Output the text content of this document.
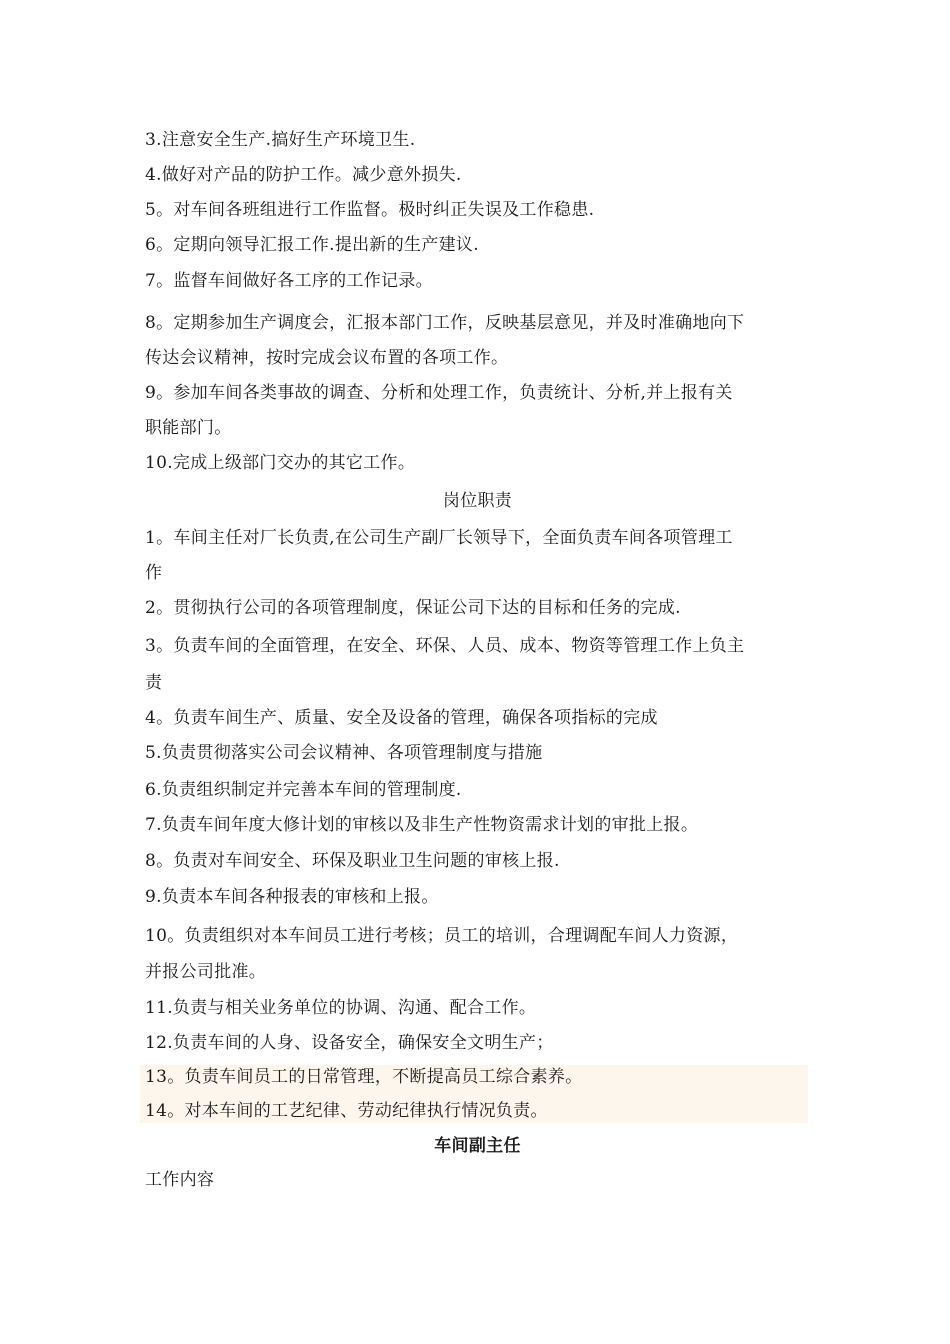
3.注意安全生产.搞好生产环境卫生.
4.做好对产品的防护工作。减少意外损失.
5。对车间各班组进行工作监督。极时纠正失误及工作稳患.
6。定期向领导汇报工作.提出新的生产建议.
7。监督车间做好各工序的工作记录。
8。定期参加生产调度会，汇报本部门工作，反映基层意见，并及时准确地向下
传达会议精神，按时完成会议布置的各项工作。
9。参加车间各类事故的调查、分析和处理工作，负责统计、分析,并上报有关
职能部门。
10.完成上级部门交办的其它工作。
岗位职责
1。车间主任对厂长负责,在公司生产副厂长领导下，全面负责车间各项管理工
作
2。贯彻执行公司的各项管理制度，保证公司下达的目标和任务的完成.
3。负责车间的全面管理，在安全、环保、人员、成本、物资等管理工作上负主
责
4。负责车间生产、质量、安全及设备的管理，确保各项指标的完成
5.负责贯彻落实公司会议精神、各项管理制度与措施
6.负责组织制定并完善本车间的管理制度.
7.负责车间年度大修计划的审核以及非生产性物资需求计划的审批上报。
8。负责对车间安全、环保及职业卫生问题的审核上报.
9.负责本车间各种报表的审核和上报。
10。负责组织对本车间员工进行考核；员工的培训，合理调配车间人力资源，
并报公司批准。
11.负责与相关业务单位的协调、沟通、配合工作。
12.负责车间的人身、设备安全，确保安全文明生产；
13。负责车间员工的日常管理，不断提高员工综合素养。
14。对本车间的工艺纪律、劳动纪律执行情况负责。
车间副主任
工作内容
